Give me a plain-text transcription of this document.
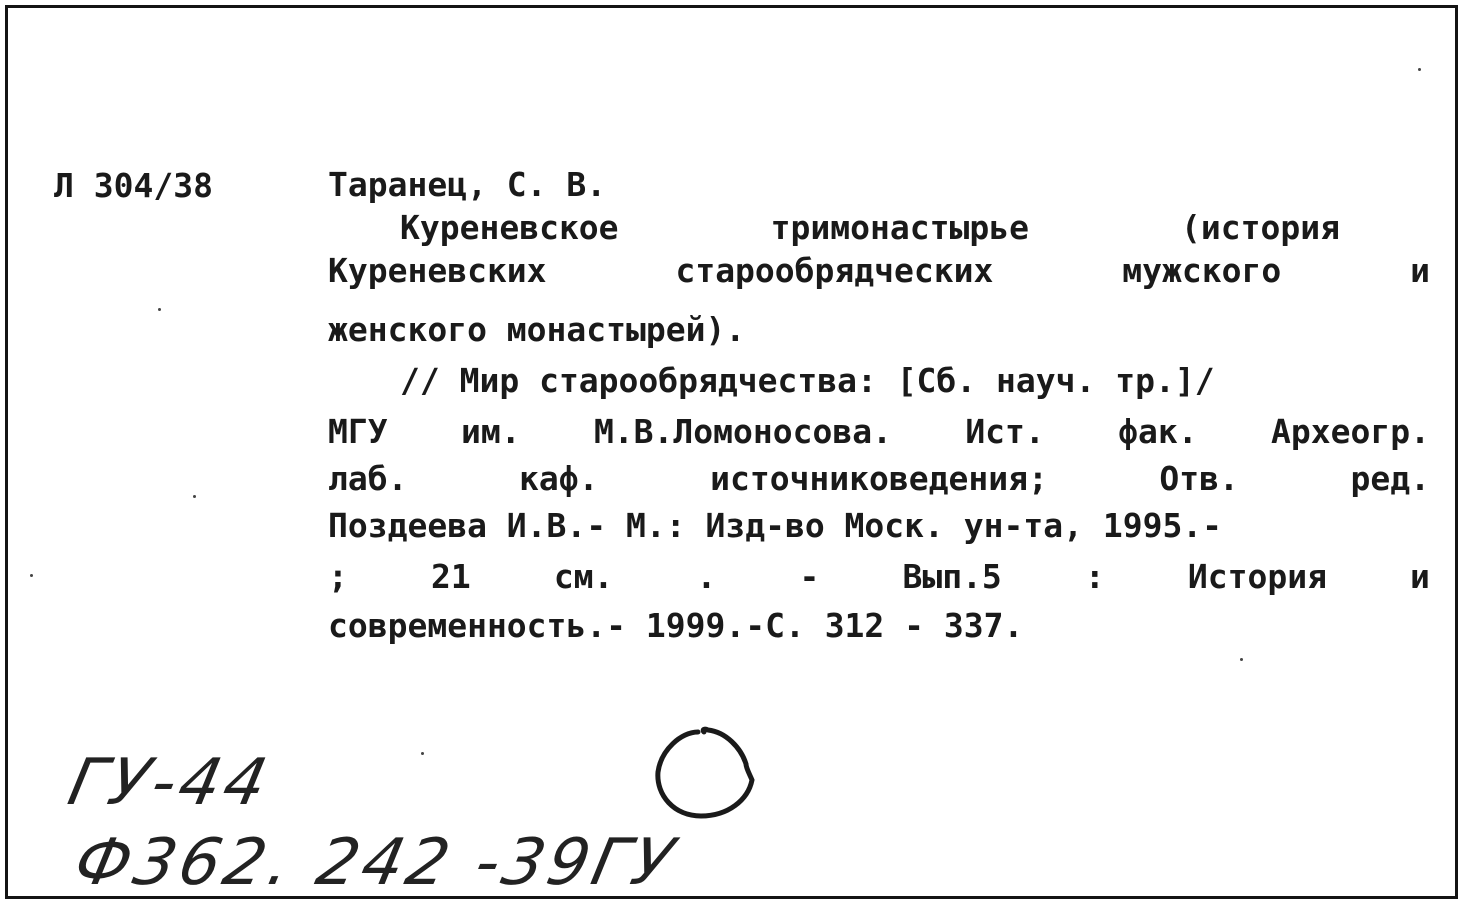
Л 304/38	Таранец, С. В.
Куреневское	тримонастырье	(история
Куреневских	старообрядческих	мужского	и
женского монастырей).
// Мир старообрядчества: [Сб. науч. тр.]/
МГУ им. М.В.Ломоносова. Ист. фак. Археогр.
лаб.	каф.	источниковедения;	Отв.	ред.
Поздеева И.В.- М.: Изд-во Моск. ун-та, 1995.-
;	21	см.	.	-	Вып.5	:	История	и
современность.- 1999.-С. 312 - 337.
ГУ-44
Ф362. 242 -39ГУ
